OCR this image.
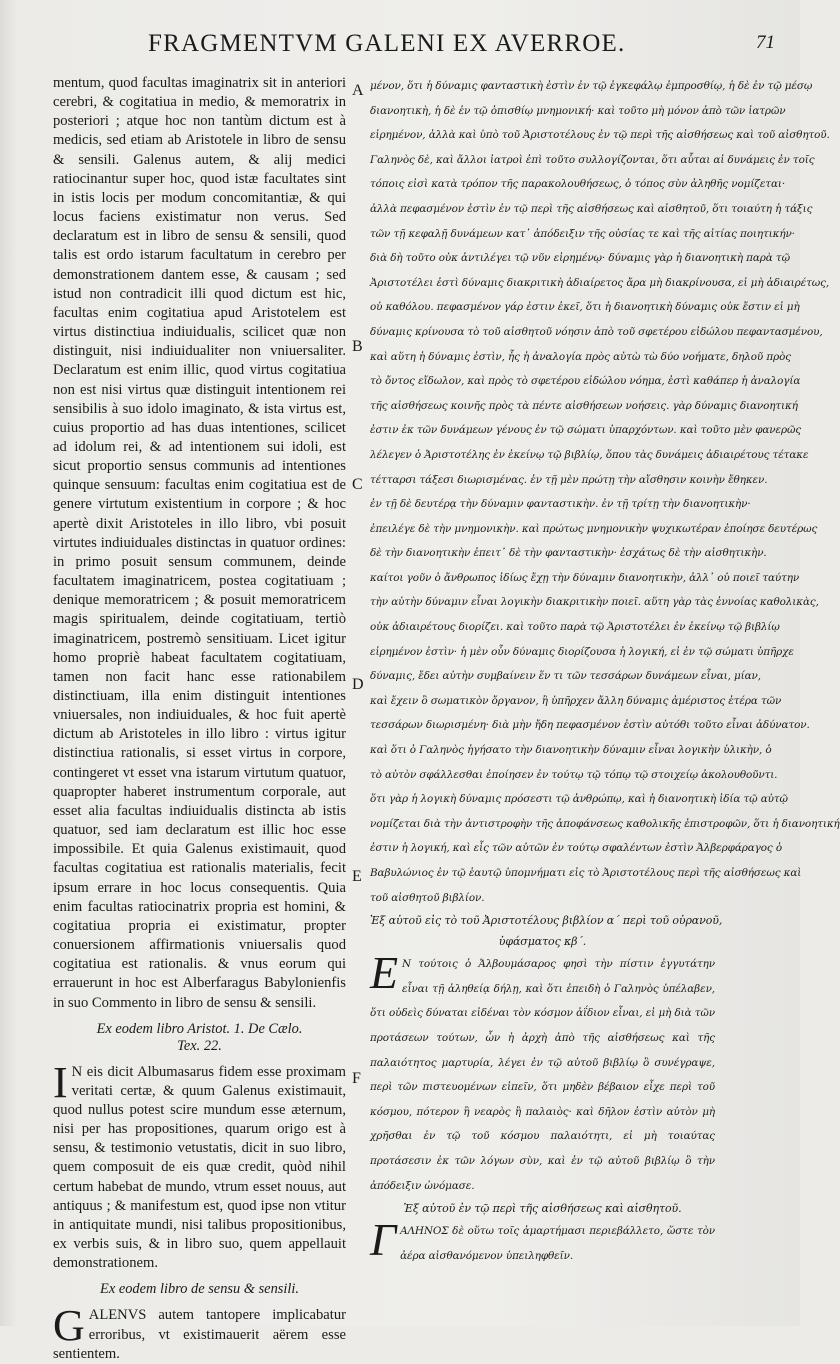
FRAGMENTVM GALENI EX AVERROE.	71
A
B
C
D
E
F

mentum, quod facultas imaginatrix sit in anteriori cerebri, & cogitatiua in medio, & memoratrix in posteriori ; atque hoc non tantùm dictum est à medicis, sed etiam ab Aristotele in libro de sensu & sensili. Galenus autem, & alij medici ratiocinantur super hoc, quod istæ facultates sint in istis locis per modum concomitantiæ, & qui locus faciens existimatur non verus. Sed declaratum est in libro de sensu & sensili, quod talis est ordo istarum facultatum in cerebro per demonstrationem dantem esse, & causam ; sed istud non contradicit illi quod dictum est hic, facultas enim cogitatiua apud Aristotelem est virtus distinctiua indiuidualis, scilicet quæ non distinguit, nisi indiuidualiter non vniuersaliter. Declaratum est enim illic, quod virtus cogitatiua non est nisi virtus quæ distinguit intentionem rei sensibilis à suo idolo imaginato, & ista virtus est, cuius proportio ad has duas intentiones, scilicet ad idolum rei, & ad intentionem sui idoli, est sicut proportio sensus communis ad intentiones quinque sensuum: facultas enim cogitatiua est de genere virtutum existentium in corpore ; & hoc apertè dixit Aristoteles in illo libro, vbi posuit virtutes indiuiduales distinctas in quatuor ordines: in primo posuit sensum communem, deinde facultatem imaginatricem, postea cogitatiuam ; denique memoratricem ; & posuit memoratricem magis spiritualem, deinde cogitatiuam, tertiò imaginatricem, postremò sensitiuam. Licet igitur homo propriè habeat facultatem cogitatiuam, tamen non facit hanc esse rationabilem distinctiuam, illa enim distinguit intentiones vniuersales, non indiuiduales, & hoc fuit apertè dictum ab Aristoteles in illo libro : virtus igitur distinctiua rationalis, si esset virtus in corpore, contingeret vt esset vna istarum virtutum quatuor, quapropter haberet instrumentum corporale, aut esset alia facultas indiuidualis distincta ab istis quatuor, sed iam declaratum est illic hoc esse impossibile. Et quia Galenus existimauit, quod facultas cogitatiua est rationalis materialis, fecit ipsum errare in hoc locus consequentis. Quia enim facultas ratiocinatrix propria est homini, & cogitatiua propria ei existimatur, propter conuersionem affirmationis vniuersalis quod cogitatiua est rationalis. & vnus eorum qui errauerunt in hoc est Alberfaragus Babylonienfis in suo Commento in libro de sensu & sensili.

Ex eodem libro Aristot. 1. De Cælo.

Tex. 22.

I N eis dicit Albumasarus fidem esse proximam veritati certæ, & quum Galenus existimauit, quod nullus potest scire mundum esse æternum, nisi per has propositiones, quarum origo est à sensu, & testimonio vetustatis, dicit in suo libro, quem composuit de eis quæ credit, quòd nihil certum habebat de mundo, vtrum esset nouus, aut antiquus ; & manifestum est, quod ipse non vtitur in antiquitate mundi, nisi talibus propositionibus, ex verbis suis, & in libro suo, quem appellauit demonstrationem.

Ex eodem libro de sensu & sensili.

GALENVS autem tantopere implicabatur erroribus, vt existimauerit aërem esse sentientem.

μένον, ὅτι ἡ δύναμις φανταστικὴ ἐστὶν ἐν τῷ ἐγκεφάλῳ ἐμπροσθίῳ, ἡ δὲ ἐν τῷ μέσῳ
διανοητικὴ, ἡ δὲ ἐν τῷ ὀπισθίῳ μνημονική· καὶ τοῦτο μὴ μόνον ἀπὸ τῶν ἰατρῶν
εἰρημένον, ἀλλὰ καὶ ὑπὸ τοῦ Ἀριστοτέλους ἐν τῷ περὶ τῆς αἰσθήσεως καὶ τοῦ αἰσθητοῦ.
Γαληνὸς δὲ, καὶ ἄλλοι ἰατροὶ ἐπὶ τοῦτο συλλογίζονται, ὅτι αὗται αἱ δυνάμεις ἐν τοῖς
τόποις εἰσὶ κατὰ τρόπον τῆς παρακολουθήσεως, ὁ τόπος σὺν ἀληθῆς νομίζεται·
ἀλλὰ πεφασμένον ἐστὶν ἐν τῷ περὶ τῆς αἰσθήσεως καὶ αἰσθητοῦ, ὅτι τοιαύτη ἡ τάξις
τῶν τῇ κεφαλῇ δυνάμεων κατ᾽ ἀπόδειξιν τῆς οὐσίας τε καὶ τῆς αἰτίας ποιητικήν·
διὰ δὴ τοῦτο οὐκ ἀντιλέγει τῷ νῦν εἰρημένῳ· δύναμις γὰρ ἡ διανοητικὴ παρὰ τῷ
Ἀριστοτέλει ἐστὶ δύναμις διακριτικὴ ἀδιαίρετος ἄρα μὴ διακρίνουσα, εἰ μὴ ἀδιαιρέτως,
οὐ καθόλου. πεφασμένον γάρ ἐστιν ἐκεῖ, ὅτι ἡ διανοητικὴ δύναμις οὐκ ἔστιν εἰ μὴ
δύναμις κρίνουσα τὸ τοῦ αἰσθητοῦ νόησιν ἀπὸ τοῦ σφετέρου εἰδώλου πεφαντασμένου,
καὶ αὕτη ἡ δύναμις ἐστὶν, ἧς ἡ ἀναλογία πρὸς αὐτὼ τὼ δύο νοήματε, δηλοῦ πρὸς
τὸ ὄντος εἴδωλον, καὶ πρὸς τὸ σφετέρου εἰδώλου νόημα, ἐστὶ καθάπερ ἡ ἀναλογία
τῆς αἰσθήσεως κοινῆς πρὸς τὰ πέντε αἰσθήσεων νοήσεις. γὰρ δύναμις διανοητική
ἐστιν ἐκ τῶν δυνάμεων γένους ἐν τῷ σώματι ὑπαρχόντων. καὶ τοῦτο μὲν φανερῶς
λέλεγεν ὁ Ἀριστοτέλης ἐν ἐκείνῳ τῷ βιβλίῳ, ὅπου τὰς δυνάμεις ἀδιαιρέτους τέτακε
τέτταρσι τάξεσι διωρισμένας. ἐν τῇ μὲν πρώτῃ τὴν αἴσθησιν κοινὴν ἔθηκεν.
ἐν τῇ δὲ δευτέρᾳ τὴν δύναμιν φανταστικὴν. ἐν τῇ τρίτῃ τὴν διανοητικὴν·
ἐπειλέγε δὲ τὴν μνημονικὴν. καὶ πρώτως μνημονικὴν ψυχικωτέραν ἐποίησε δευτέρως
δὲ τὴν διανοητικὴν ἐπειτ᾽ δὲ τὴν φανταστικὴν· ἐσχάτως δὲ τὴν αἰσθητικὴν.
καίτοι γοῦν ὁ ἄνθρωπος ἰδίως ἔχῃ τὴν δύναμιν διανοητικὴν, ἀλλ᾽ οὐ ποιεῖ ταύτην
τὴν αὐτὴν δύναμιν εἶναι λογικὴν διακριτικὴν ποιεῖ. αὕτη γὰρ τὰς ἐννοίας καθολικὰς,
οὐκ ἀδιαιρέτους διορίζει. καὶ τοῦτο παρὰ τῷ Ἀριστοτέλει ἐν ἐκείνῳ τῷ βιβλίῳ
εἰρημένον ἐστὶν· ἡ μὲν οὖν δύναμις διορίζουσα ἡ λογική, εἰ ἐν τῷ σώματι ὑπῆρχε
δύναμις, ἔδει αὐτὴν συμβαίνειν ἕν τι τῶν τεσσάρων δυνάμεων εἶναι, μίαν,
καὶ ἔχειν ὂ σωματικὸν ὄργανον, ἢ ὑπῆρχεν ἄλλη δύναμις ἀμέριστος ἑτέρα τῶν
τεσσάρων διωρισμένη· διὰ μὴν ἤδη πεφασμένον ἐστὶν αὐτόθι τοῦτο εἶναι ἀδύνατον.
καὶ ὅτι ὁ Γαληνὸς ἡγήσατο τὴν διανοητικὴν δύναμιν εἶναι λογικὴν ὑλικὴν, ὁ
τὸ αὐτὸν σφάλλεσθαι ἐποίησεν ἐν τούτῳ τῷ τόπῳ τῷ στοιχείῳ ἀκολουθοῦντι.
ὅτι γὰρ ἡ λογικὴ δύναμις πρόσεστι τῷ ἀνθρώπῳ, καὶ ἡ διανοητικὴ ἰδία τῷ αὐτῷ
νομίζεται διὰ τὴν ἀντιστροφὴν τῆς ἀποφάνσεως καθολικῆς ἐπιστροφῶν, ὅτι ἡ διανοητική
ἐστιν ἡ λογική, καὶ εἷς τῶν αὐτῶν ἐν τούτῳ σφαλέντων ἐστὶν Ἀλβερφάραγος ὁ
Βαβυλώνιος ἐν τῷ ἑαυτῷ ὑπομνήματι εἰς τὸ Ἀριστοτέλους περὶ τῆς αἰσθήσεως καὶ
τοῦ αἰσθητοῦ βιβλίον.

Ἐξ αὐτοῦ εἰς τὸ τοῦ Ἀριστοτέλους βιβλίον α´ περὶ τοῦ οὐρανοῦ,

ὑφάσματος κβ´.

Ε Ν τούτοις ὁ Ἀλβουμάσαρος φησὶ τὴν πίστιν ἐγγυτάτην εἶναι τῇ ἀληθείᾳ δήλῃ, καὶ ὅτι ἐπειδὴ ὁ Γαληνὸς ὑπέλαβεν, ὅτι οὐδεὶς δύναται εἰδέναι τὸν κόσμον ἀΐδιον εἶναι, εἰ μὴ διὰ τῶν προτάσεων τούτων, ὧν ἡ ἀρχὴ ἀπὸ τῆς αἰσθήσεως καὶ τῆς παλαιότητος μαρτυρία, λέγει ἐν τῷ αὐτοῦ βιβλίῳ ὃ συνέγραψε, περὶ τῶν πιστευομένων εἰπεῖν, ὅτι μηδὲν βέβαιον εἶχε περὶ τοῦ κόσμου, πότερον ἢ νεαρὸς ἢ παλαιὸς· καὶ δῆλον ἐστὶν αὐτὸν μὴ χρῆσθαι ἐν τῷ τοῦ κόσμου παλαιότητι, εἰ μὴ τοιαύτας προτάσεσιν ἐκ τῶν λόγων σὺν, καὶ ἐν τῷ αὐτοῦ βιβλίῳ ὃ τὴν ἀπόδειξιν ὠνόμασε.

Ἐξ αὐτοῦ ἐν τῷ περὶ τῆς αἰσθήσεως καὶ αἰσθητοῦ.

ΓΑΛΗΝΟΣ δὲ οὕτω τοῖς ἁμαρτήμασι περιεβάλλετο, ὥστε τὸν ἀέρα αἰσθανόμενον ὑπειληφθεῖν.
